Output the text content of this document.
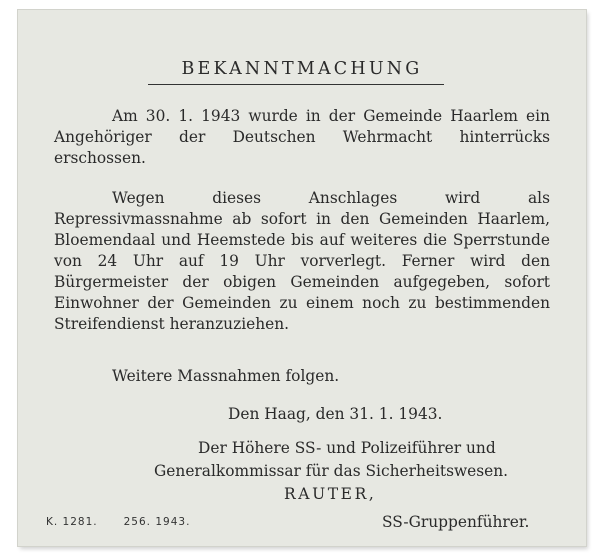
BEKANNTMACHUNG

Am 30. 1. 1943 wurde in der Gemeinde Haarlem ein Angehöriger der Deutschen Wehrmacht hinterrücks erschossen.

Wegen dieses Anschlages wird als Repressivmassnahme ab sofort in den Gemeinden Haarlem, Bloemendaal und Heemstede bis auf weiteres die Sperrstunde von 24 Uhr auf 19 Uhr vorverlegt. Ferner wird den Bürgermeister der obigen Gemeinden aufgegeben, sofort Einwohner der Gemeinden zu einem noch zu bestimmenden Streifendienst heranzuziehen.

Weitere Massnahmen folgen.

Den Haag, den 31. 1. 1943.
Der Höhere SS- und Polizeiführer und
Generalkommissar für das Sicherheitswesen.
RAUTER,
SS-Gruppenführer.
K. 1281. 256. 1943.
